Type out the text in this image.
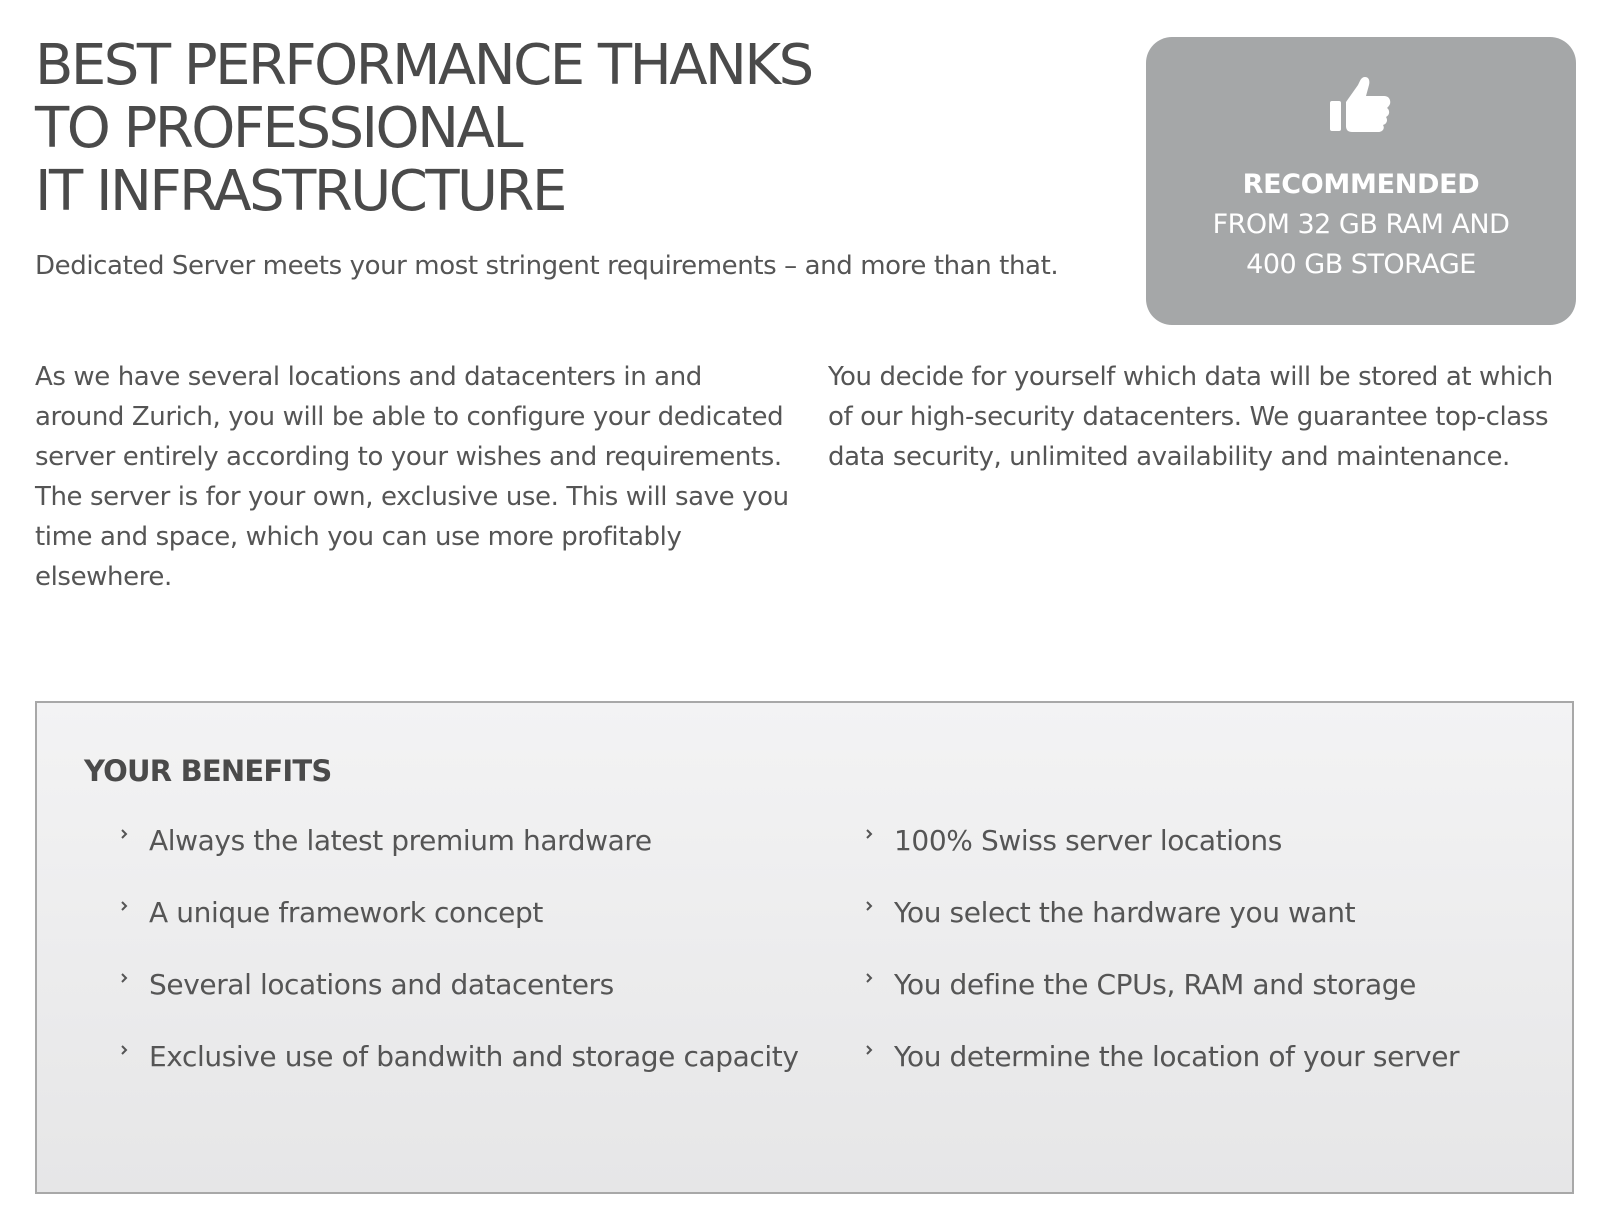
BEST PERFORMANCE THANKS
TO PROFESSIONAL
IT INFRASTRUCTURE

Dedicated Server meets your most stringent requirements – and more than that.

As we have several locations and datacenters in and around Zurich, you will be able to configure your dedicated server entirely according to your wishes and requirements. The server is for your own, exclusive use. This will save you time and space, which you can use more profitably elsewhere.

You decide for yourself which data will be stored at which of our high-security datacenters. We guarantee top-class data security, unlimited availability and maintenance.

RECOMMENDED
FROM 32 GB RAM AND
400 GB STORAGE
YOUR BENEFITS
Always the latest premium hardware
A unique framework concept
Several locations and datacenters
Exclusive use of bandwith and storage capacity
100% Swiss server locations
You select the hardware you want
You define the CPUs, RAM and storage
You determine the location of your server
